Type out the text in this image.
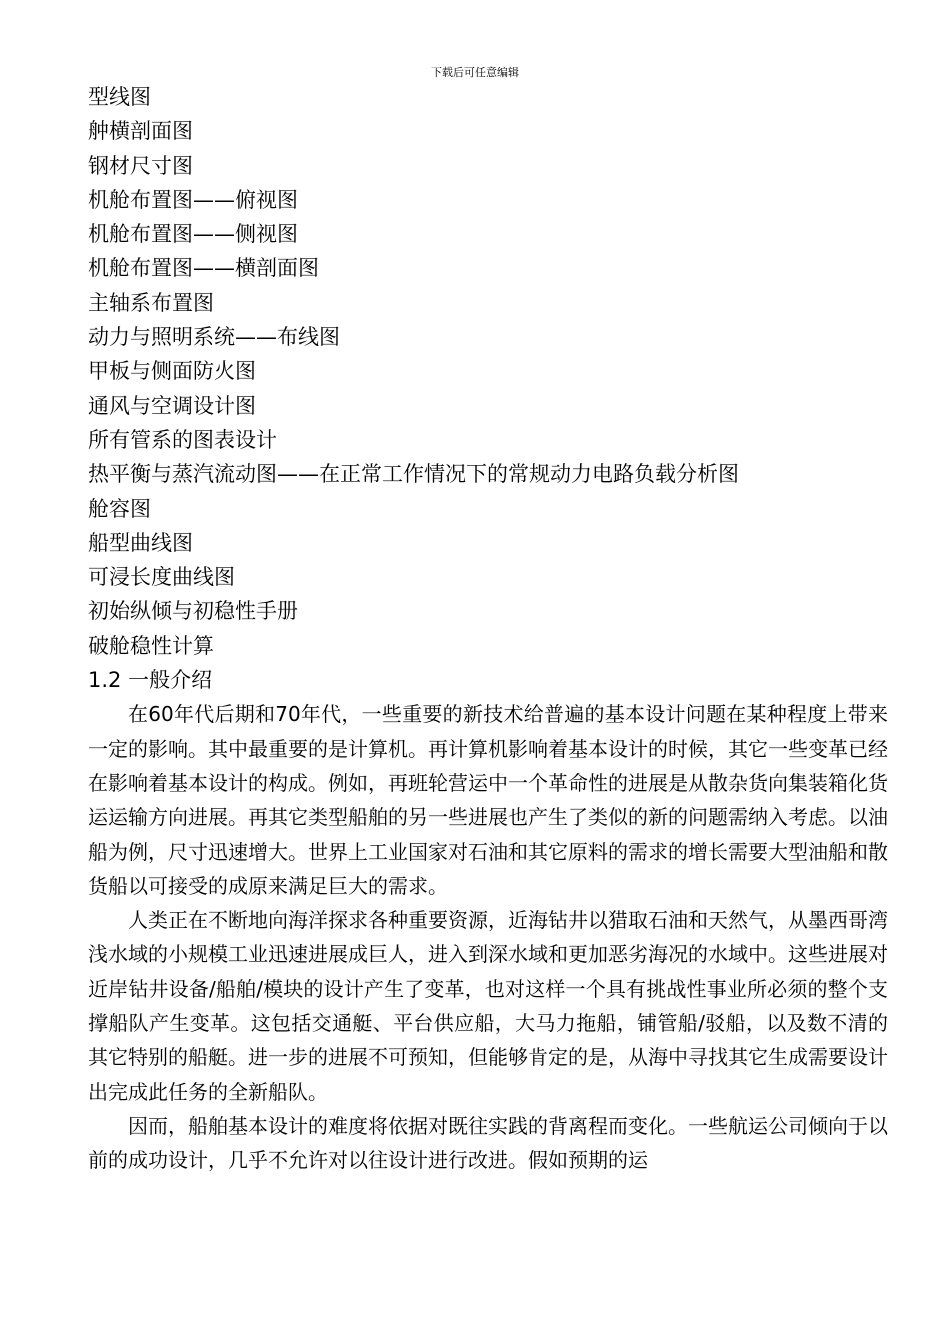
下载后可任意编辑
型线图
舯横剖面图
钢材尺寸图
机舱布置图——俯视图
机舱布置图——侧视图
机舱布置图——横剖面图
主轴系布置图
动力与照明系统——布线图
甲板与侧面防火图
通风与空调设计图
所有管系的图表设计
热平衡与蒸汽流动图——在正常工作情况下的常规动力电路负载分析图
舱容图
船型曲线图
可浸长度曲线图
初始纵倾与初稳性手册
破舱稳性计算
1.2 一般介绍

在60年代后期和70年代，一些重要的新技术给普遍的基本设计问题在某种程度上带来一定的影响。其中最重要的是计算机。再计算机影响着基本设计的时候，其它一些变革已经在影响着基本设计的构成。例如，再班轮营运中一个革命性的进展是从散杂货向集装箱化货运运输方向进展。再其它类型船舶的另一些进展也产生了类似的新的问题需纳入考虑。以油船为例，尺寸迅速增大。世界上工业国家对石油和其它原料的需求的增长需要大型油船和散货船以可接受的成原来满足巨大的需求。

人类正在不断地向海洋探求各种重要资源，近海钻井以猎取石油和天然气，从墨西哥湾浅水域的小规模工业迅速进展成巨人，进入到深水域和更加恶劣海况的水域中。这些进展对近岸钻井设备/船舶/模块的设计产生了变革，也对这样一个具有挑战性事业所必须的整个支撑船队产生变革。这包括交通艇、平台供应船，大马力拖船，铺管船/驳船，以及数不清的其它特别的船艇。进一步的进展不可预知，但能够肯定的是，从海中寻找其它生成需要设计出完成此任务的全新船队。

因而，船舶基本设计的难度将依据对既往实践的背离程而变化。一些航运公司倾向于以前的成功设计，几乎不允许对以往设计进行改进。假如预期的运
